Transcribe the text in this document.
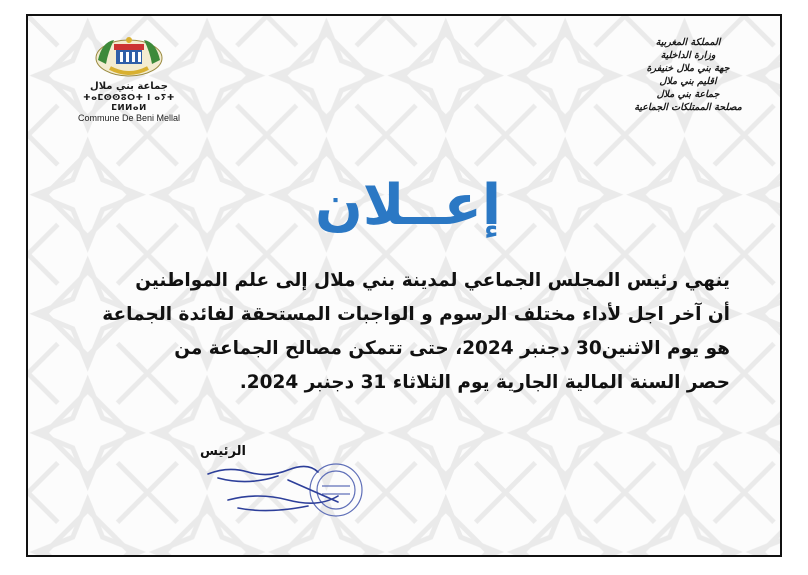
جماعة بني ملال
ⵜⴰⵎⵙⵙⵓⵔⵜ ⵏ ⴰⵢⵜ ⵎⵍⵍⴰⵍ
Commune De Beni Mellal
المملكة المغربية
وزارة الداخلية
جهة بني ملال خنيفرة
اقليم بني ملال
جماعة بني ملال
مصلحة الممتلكات الجماعية
إعــلان

ينهي رئيس المجلس الجماعي لمدينة بني ملال إلى علم المواطنين

أن آخر اجل لأداء مختلف الرسوم و الواجبات المستحقة لفائدة الجماعة

هو يوم الاثنين30 دجنبر 2024، حتى تتمكن مصالح الجماعة من

حصر السنة المالية الجارية يوم الثلاثاء 31 دجنبر 2024.

الرئيس
